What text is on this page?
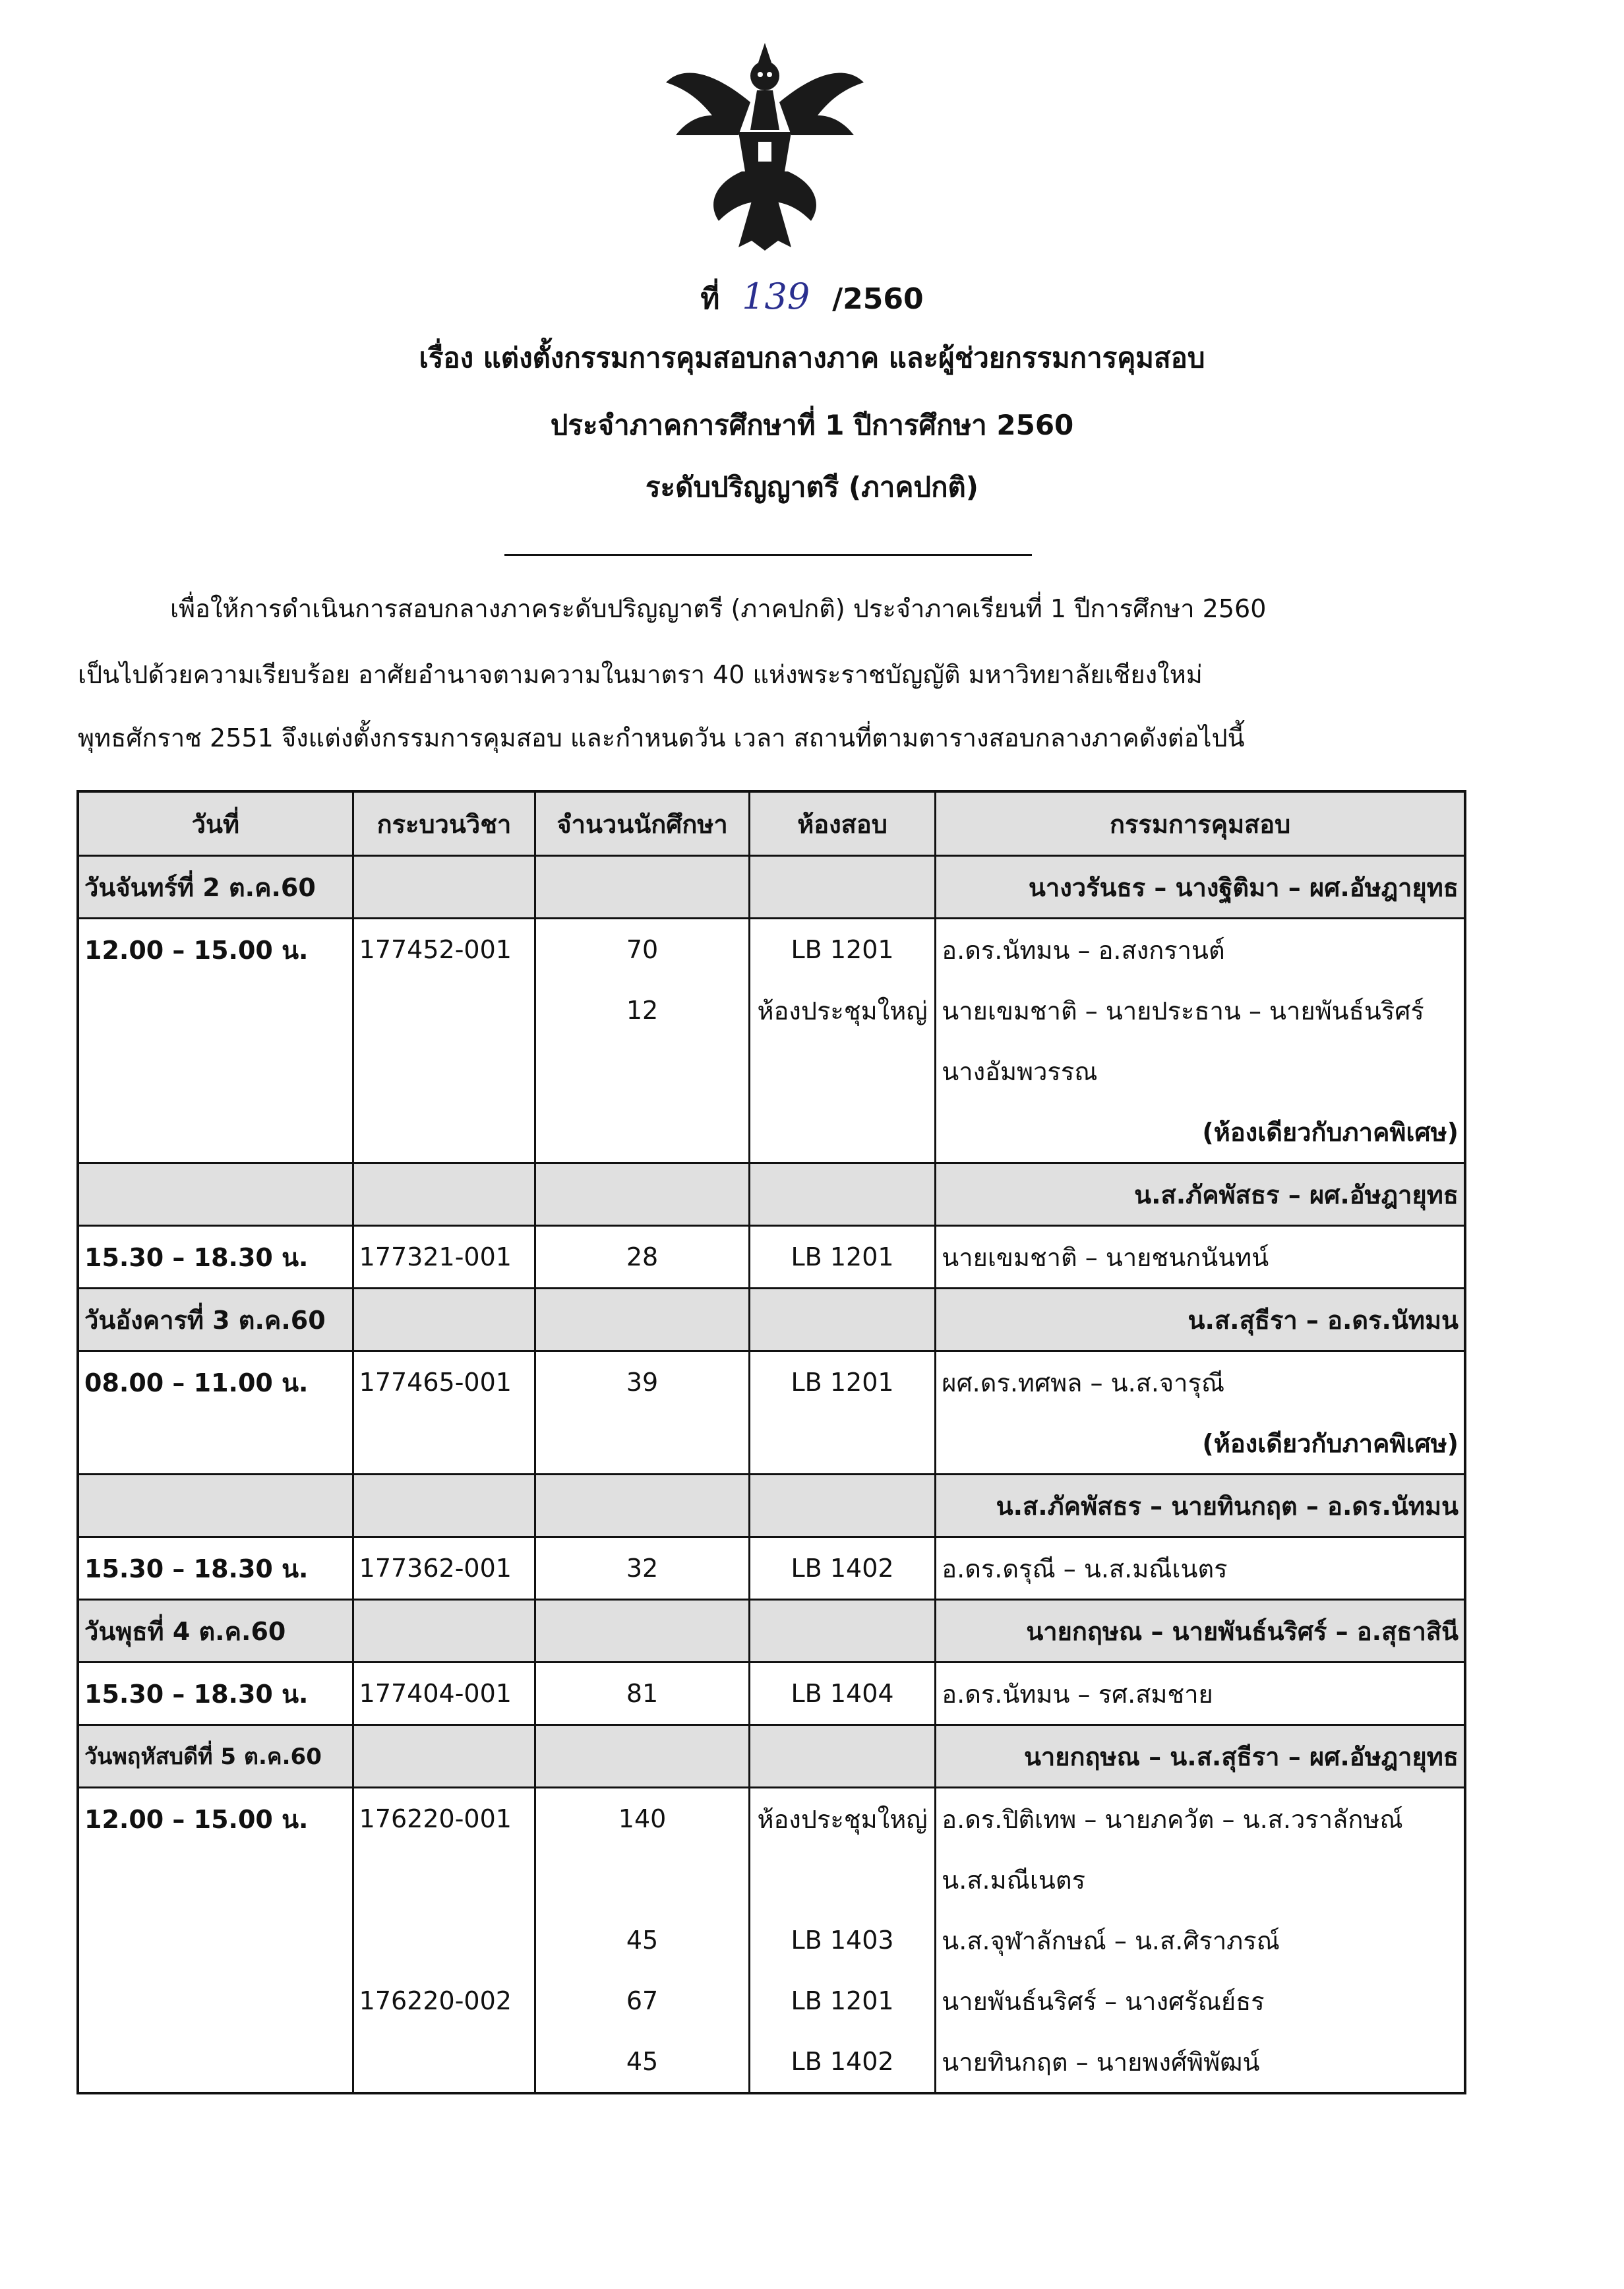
ที่ 139 /2560
เรื่อง แต่งตั้งกรรมการคุมสอบกลางภาค และผู้ช่วยกรรมการคุมสอบ
ประจำภาคการศึกษาที่ 1 ปีการศึกษา 2560
ระดับปริญญาตรี (ภาคปกติ)
เพื่อให้การดำเนินการสอบกลางภาคระดับปริญญาตรี (ภาคปกติ) ประจำภาคเรียนที่ 1 ปีการศึกษา 2560
เป็นไปด้วยความเรียบร้อย อาศัยอำนาจตามความในมาตรา 40 แห่งพระราชบัญญัติ มหาวิทยาลัยเชียงใหม่
พุทธศักราช 2551 จึงแต่งตั้งกรรมการคุมสอบ และกำหนดวัน เวลา สถานที่ตามตารางสอบกลางภาคดังต่อไปนี้
วันที่	กระบวนวิชา	จำนวนนักศึกษา	ห้องสอบ	กรรมการคุมสอบ
วันจันทร์ที่ 2 ต.ค.60				นางวรันธร – นางฐิติมา – ผศ.อัษฎายุทธ
12.00 – 15.00 น.	177452-001	70	LB 1201	อ.ดร.นัทมน – อ.สงกรานต์
		12	ห้องประชุมใหญ่	นายเขมชาติ – นายประธาน – นายพันธ์นริศร์
				นางอัมพวรรณ
				(ห้องเดียวกับภาคพิเศษ)
				น.ส.ภัคพัสธร – ผศ.อัษฎายุทธ
15.30 – 18.30 น.	177321-001	28	LB 1201	นายเขมชาติ – นายชนกนันทน์
วันอังคารที่ 3 ต.ค.60				น.ส.สุธีรา – อ.ดร.นัทมน
08.00 – 11.00 น.	177465-001	39	LB 1201	ผศ.ดร.ทศพล – น.ส.จารุณี
				(ห้องเดียวกับภาคพิเศษ)
				น.ส.ภัคพัสธร – นายทินกฤต – อ.ดร.นัทมน
15.30 – 18.30 น.	177362-001	32	LB 1402	อ.ดร.ดรุณี – น.ส.มณีเนตร
วันพุธที่ 4 ต.ค.60				นายกฤษณ – นายพันธ์นริศร์ – อ.สุธาสินี
15.30 – 18.30 น.	177404-001	81	LB 1404	อ.ดร.นัทมน – รศ.สมชาย
วันพฤหัสบดีที่ 5 ต.ค.60				นายกฤษณ – น.ส.สุธีรา – ผศ.อัษฎายุทธ
12.00 – 15.00 น.	176220-001	140	ห้องประชุมใหญ่	อ.ดร.ปิติเทพ – นายภควัต – น.ส.วราลักษณ์
				น.ส.มณีเนตร
		45	LB 1403	น.ส.จุฬาลักษณ์ – น.ส.ศิราภรณ์
	176220-002	67	LB 1201	นายพันธ์นริศร์ – นางศรัณย์ธร
		45	LB 1402	นายทินกฤต – นายพงศ์พิพัฒน์
